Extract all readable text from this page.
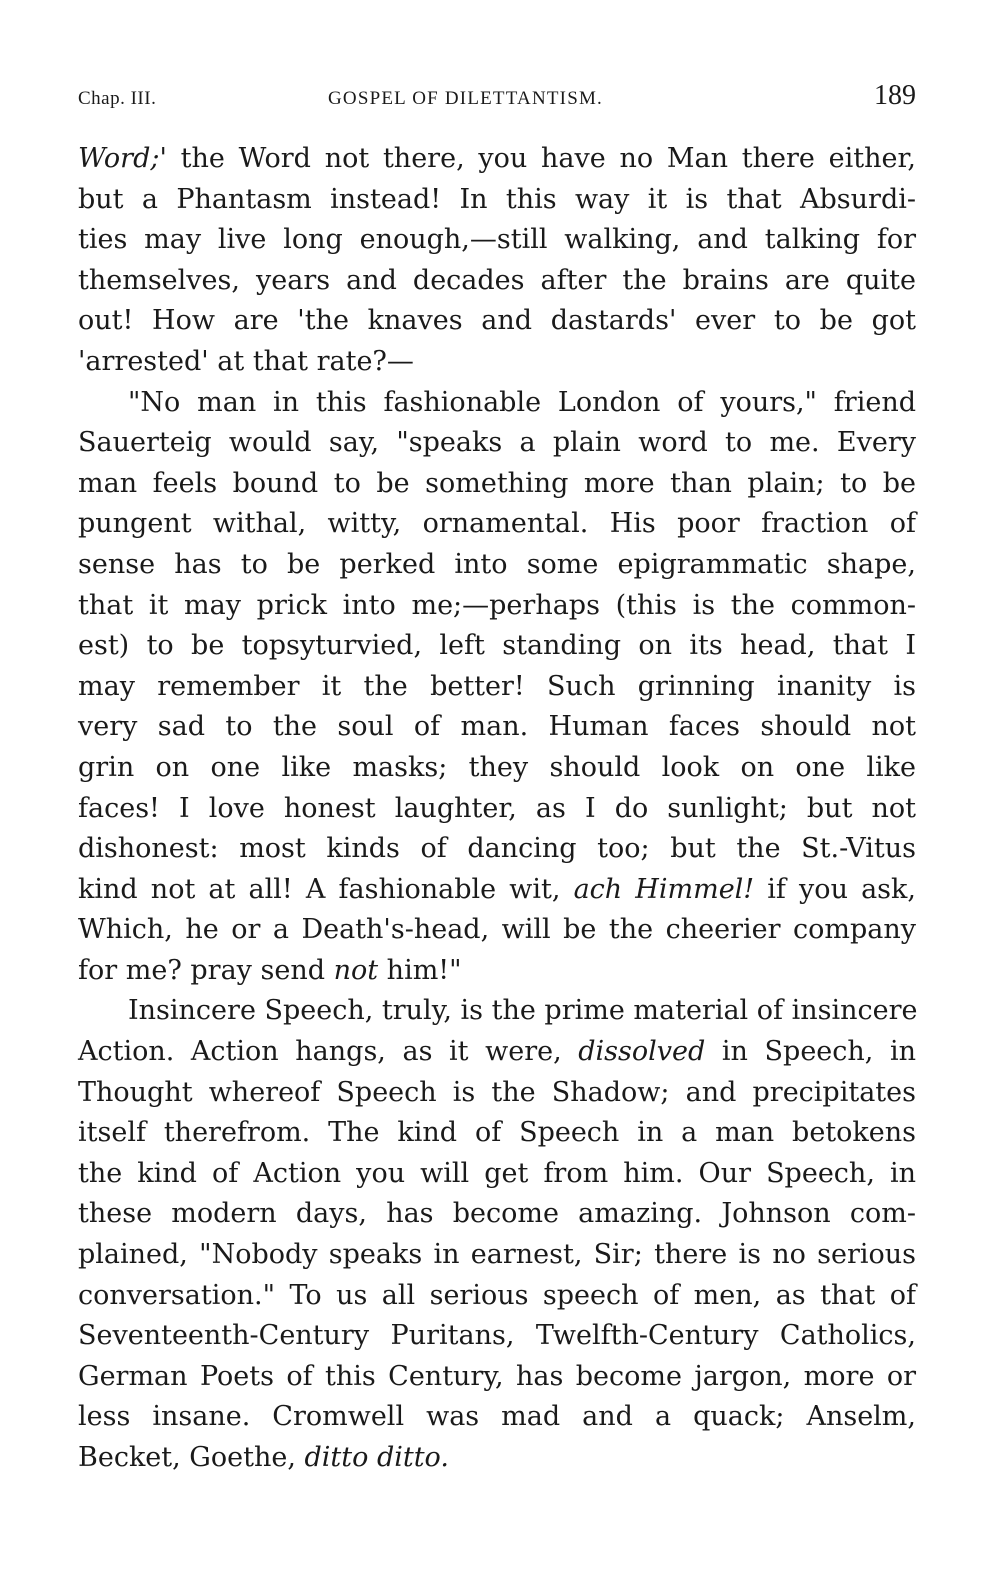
Chap. III.	GOSPEL OF DILETTANTISM.	189
Word;' the Word not there, you have no Man there either,
but a Phantasm instead! In this way it is that Absurdi-
ties may live long enough,—still walking, and talking for
themselves, years and decades after the brains are quite
out! How are 'the knaves and dastards' ever to be got
'arrested' at that rate?—
"No man in this fashionable London of yours," friend
Sauerteig would say, "speaks a plain word to me. Every
man feels bound to be something more than plain; to be
pungent withal, witty, ornamental. His poor fraction of
sense has to be perked into some epigrammatic shape,
that it may prick into me;—perhaps (this is the common-
est) to be topsyturvied, left standing on its head, that I
may remember it the better! Such grinning inanity is
very sad to the soul of man. Human faces should not
grin on one like masks; they should look on one like
faces! I love honest laughter, as I do sunlight; but not
dishonest: most kinds of dancing too; but the St.-Vitus
kind not at all! A fashionable wit, ach Himmel! if you ask,
Which, he or a Death's-head, will be the cheerier company
for me? pray send not him!"
Insincere Speech, truly, is the prime material of insincere
Action. Action hangs, as it were, dissolved in Speech, in
Thought whereof Speech is the Shadow; and precipitates
itself therefrom. The kind of Speech in a man betokens
the kind of Action you will get from him. Our Speech, in
these modern days, has become amazing. Johnson com-
plained, "Nobody speaks in earnest, Sir; there is no serious
conversation." To us all serious speech of men, as that of
Seventeenth-Century Puritans, Twelfth-Century Catholics,
German Poets of this Century, has become jargon, more or
less insane. Cromwell was mad and a quack; Anselm,
Becket, Goethe, ditto ditto.
